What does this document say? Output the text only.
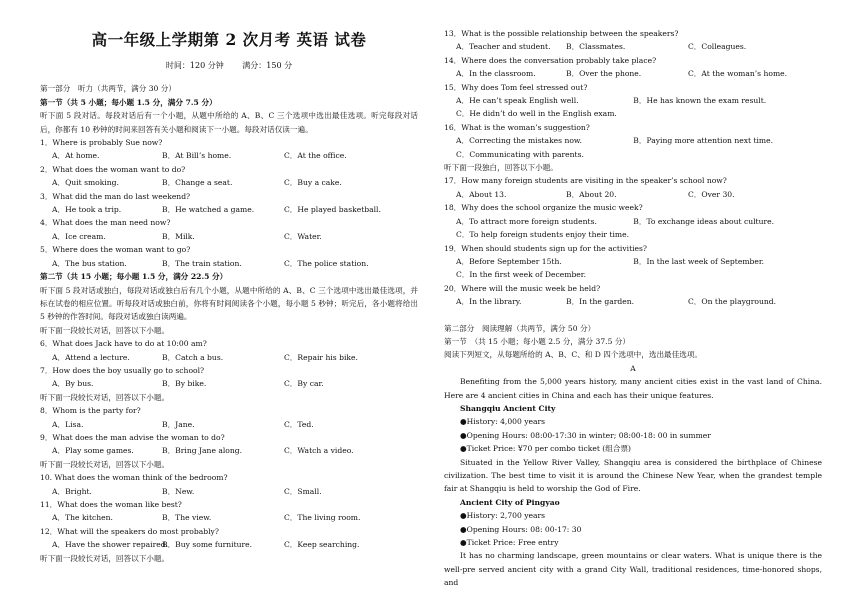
高一年级上学期第 2 次月考 英语 试卷
时间：120 分钟 满分：150 分
第一部分　听力（共两节，满分 30 分）
第一节（共 5 小题；每小题 1.5 分，满分 7.5 分）
听下面 5 段对话。每段对话后有一个小题，从题中所给的 A、B、C 三个选项中选出最佳选项。听完每段对话后，你都有 10 秒钟的时间来回答有关小题和阅读下一小题。每段对话仅读一遍。
1．Where is probably Sue now?
A．At home.	B．At Bill’s home.	C．At the office.
2．What does the woman want to do?
A．Quit smoking.	B．Change a seat.	C．Buy a cake.
3．What did the man do last weekend?
A．He took a trip.	B．He watched a game.	C．He played basketball.
4．What does the man need now?
A．Ice cream.	B．Milk.	C．Water.
5．Where does the woman want to go?
A．The bus station.	B．The train station.	C．The police station.
第二节（共 15 小题；每小题 1.5 分，满分 22.5 分）
听下面 5 段对话或独白，每段对话或独白后有几个小题，从题中所给的 A、B、C 三个选项中选出最佳选项，并标在试卷的相应位置。听每段对话或独白前，你将有时间阅读各个小题，每小题 5 秒钟；听完后，各小题将给出 5 秒钟的作答时间。每段对话或独白读两遍。
听下面一段较长对话，回答以下小题。
6．What does Jack have to do at 10:00 am?
A．Attend a lecture.	B．Catch a bus.	C．Repair his bike.
7．How does the boy usually go to school?
A．By bus.	B．By bike.	C．By car.
听下面一段较长对话，回答以下小题。
8．Whom is the party for?
A．Lisa.	B．Jane.	C．Ted.
9．What does the man advise the woman to do?
A．Play some games.	B．Bring Jane along.	C．Watch a video.
听下面一段较长对话，回答以下小题。
10. What does the woman think of the bedroom?
A．Bright.	B．New.	C．Small.
11．What does the woman like best?
A．The kitchen.	B．The view.	C．The living room.
12．What will the speakers do most probably?
A．Have the shower repaired.
B．Buy some furniture.	C．Keep searching.
听下面一段较长对话，回答以下小题。
13．What is the possible relationship between the speakers?
A．Teacher and student.	B．Classmates.	C．Colleagues.
14．Where does the conversation probably take place?
A．In the classroom.	B．Over the phone.	C．At the woman’s home.
15．Why does Tom feel stressed out?
A．He can’t speak English well.	B．He has known the exam result.
C．He didn’t do well in the English exam.
16．What is the woman’s suggestion?
A．Correcting the mistakes now.	B．Paying more attention next time.
C．Communicating with parents.
听下面一段独白，回答以下小题。
17．How many foreign students are visiting in the speaker’s school now?
A．About 13.	B．About 20.	C．Over 30.
18．Why does the school organize the music week?
A．To attract more foreign students.	B．To exchange ideas about culture.
C．To help foreign students enjoy their time.
19．When should students sign up for the activities?
A．Before September 15th.	B．In the last week of September.
C．In the first week of December.
20．Where will the music week be held?
A．In the library.	B．In the garden.	C．On the playground.
第二部分　阅读理解（共两节，满分 50 分）
第一节　（共 15 小题；每小题 2.5 分，满分 37.5 分）
阅读下列短文，从每题所给的 A、B、C、和 D 四个选项中，选出最佳选项。
A
Benefiting from the 5,000 years history, many ancient cities exist in the vast land of China. Here are 4 ancient cities in China and each has their unique features.
Shangqiu Ancient City
●History: 4,000 years
●Opening Hours: 08:00-17:30 in winter; 08:00-18: 00 in summer
●Ticket Price: ¥70 per combo ticket (组合票)
Situated in the Yellow River Valley, Shangqiu area is considered the birthplace of Chinese civilization. The best time to visit it is around the Chinese New Year, when the grandest temple fair at Shangqiu is held to worship the God of Fire.
Ancient City of Pingyao
●History: 2,700 years
●Opening Hours: 08: 00-17: 30
●Ticket Price: Free entry
It has no charming landscape, green mountains or clear waters. What is unique there is the well-pre served ancient city with a grand City Wall, traditional residences, time-honored shops, and
